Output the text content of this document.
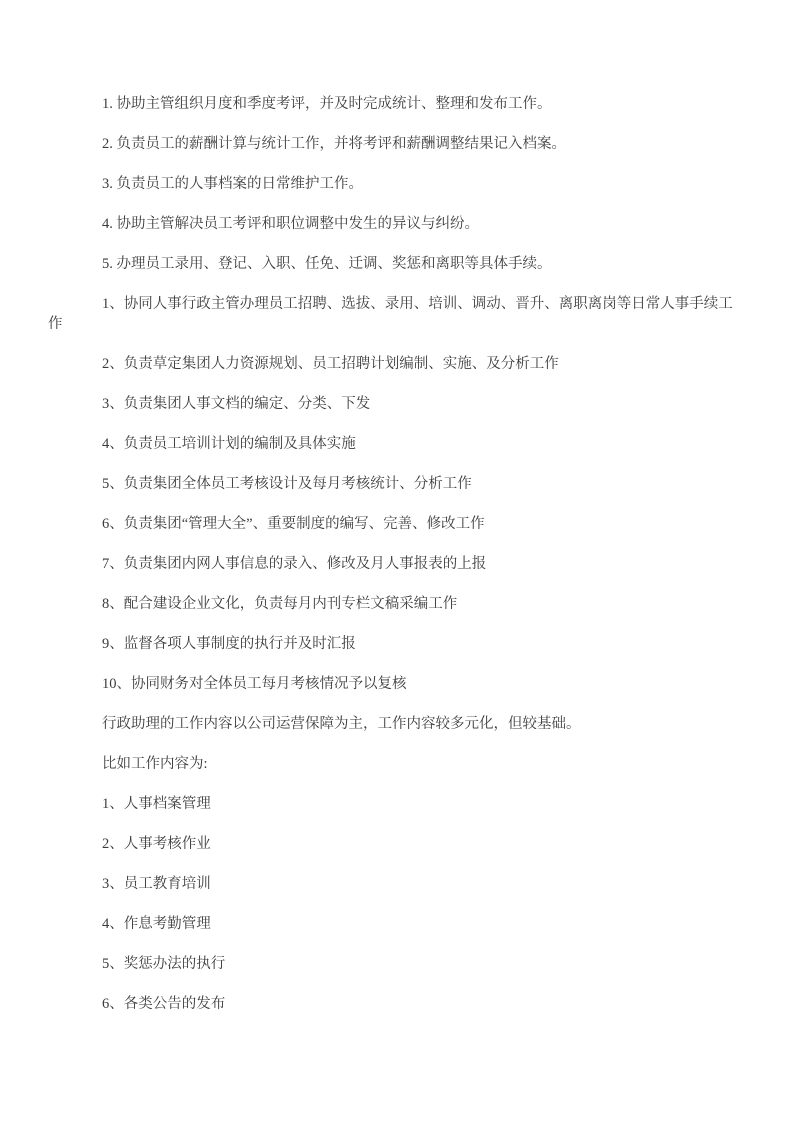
1. 协助主管组织月度和季度考评，并及时完成统计、整理和发布工作。

2. 负责员工的薪酬计算与统计工作，并将考评和薪酬调整结果记入档案。

3. 负责员工的人事档案的日常维护工作。

4. 协助主管解决员工考评和职位调整中发生的异议与纠纷。

5. 办理员工录用、登记、入职、任免、迁调、奖惩和离职等具体手续。

1、协同人事行政主管办理员工招聘、选拔、录用、培训、调动、晋升、离职离岗等日常人事手续工作

2、负责草定集团人力资源规划、员工招聘计划编制、实施、及分析工作

3、负责集团人事文档的编定、分类、下发

4、负责员工培训计划的编制及具体实施

5、负责集团全体员工考核设计及每月考核统计、分析工作

6、负责集团“管理大全”、重要制度的编写、完善、修改工作

7、负责集团内网人事信息的录入、修改及月人事报表的上报

8、配合建设企业文化，负责每月内刊专栏文稿采编工作

9、监督各项人事制度的执行并及时汇报

10、协同财务对全体员工每月考核情况予以复核

行政助理的工作内容以公司运营保障为主，工作内容较多元化，但较基础。

比如工作内容为:

1、人事档案管理

2、人事考核作业

3、员工教育培训

4、作息考勤管理

5、奖惩办法的执行

6、各类公告的发布
